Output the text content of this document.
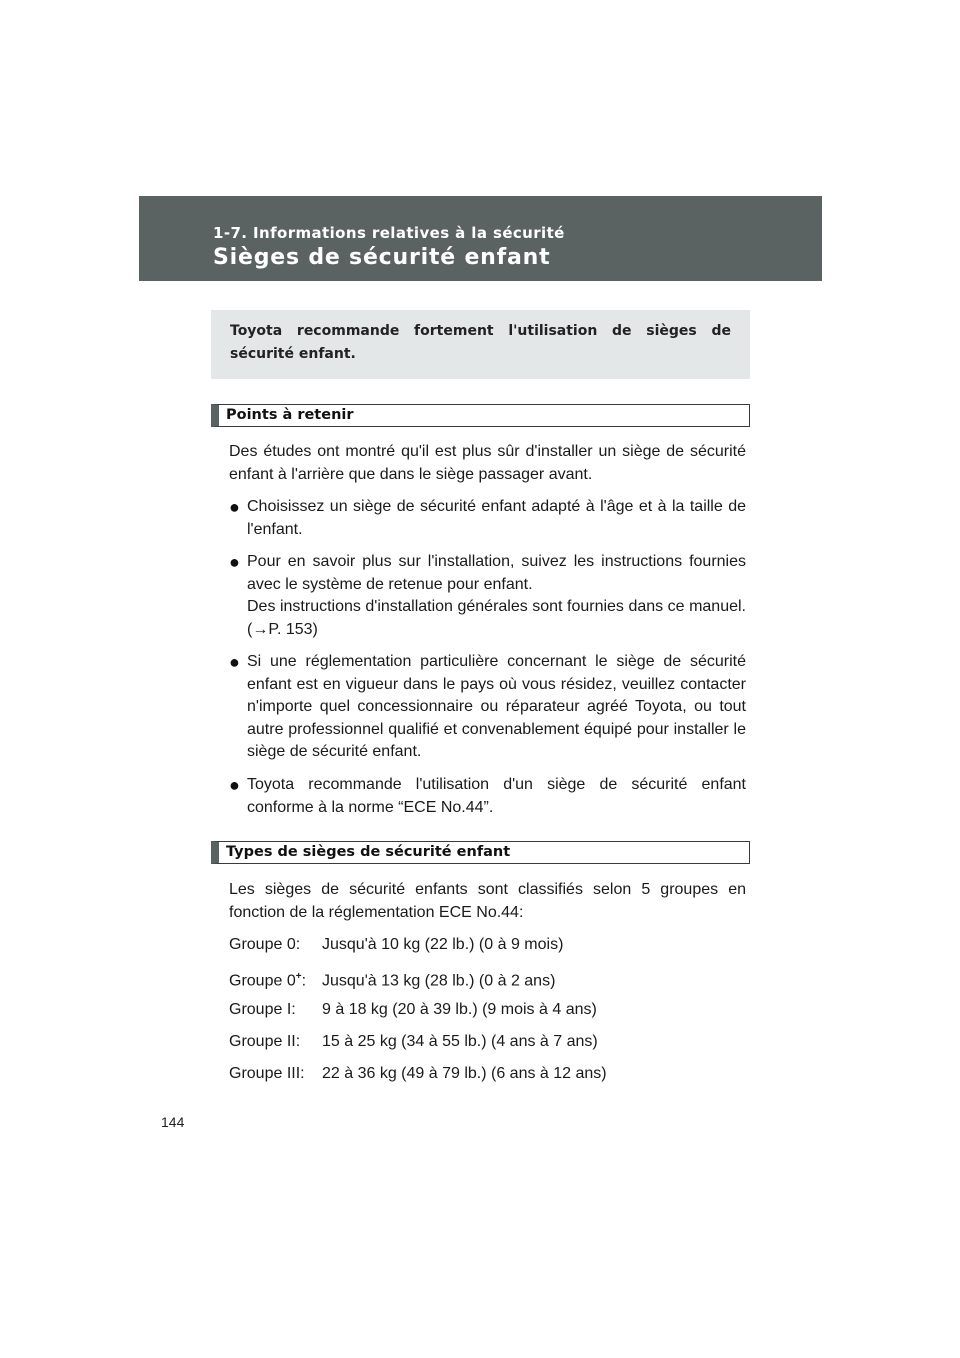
1-7. Informations relatives à la sécurité
Sièges de sécurité enfant

Toyota recommande fortement l'utilisation de sièges de sécurité enfant.

Points à retenir

Des études ont montré qu'il est plus sûr d'installer un siège de sécurité enfant à l'arrière que dans le siège passager avant.

● Choisissez un siège de sécurité enfant adapté à l'âge et à la taille de l'enfant.

● Pour en savoir plus sur l'installation, suivez les instructions fournies avec le système de retenue pour enfant.

Des instructions d'installation générales sont fournies dans ce manuel. (→P. 153)

● Si une réglementation particulière concernant le siège de sécurité enfant est en vigueur dans le pays où vous résidez, veuillez contacter n'importe quel concessionnaire ou réparateur agréé Toyota, ou tout autre professionnel qualifié et convenablement équipé pour installer le siège de sécurité enfant.

● Toyota recommande l'utilisation d'un siège de sécurité enfant conforme à la norme “ECE No.44”.

Types de sièges de sécurité enfant

Les sièges de sécurité enfants sont classifiés selon 5 groupes en fonction de la réglementation ECE No.44:

Groupe 0: Jusqu'à 10 kg (22 lb.) (0 à 9 mois)
Groupe 0+: Jusqu'à 13 kg (28 lb.) (0 à 2 ans)
Groupe I: 9 à 18 kg (20 à 39 lb.) (9 mois à 4 ans)
Groupe II: 15 à 25 kg (34 à 55 lb.) (4 ans à 7 ans)
Groupe III: 22 à 36 kg (49 à 79 lb.) (6 ans à 12 ans)
144
